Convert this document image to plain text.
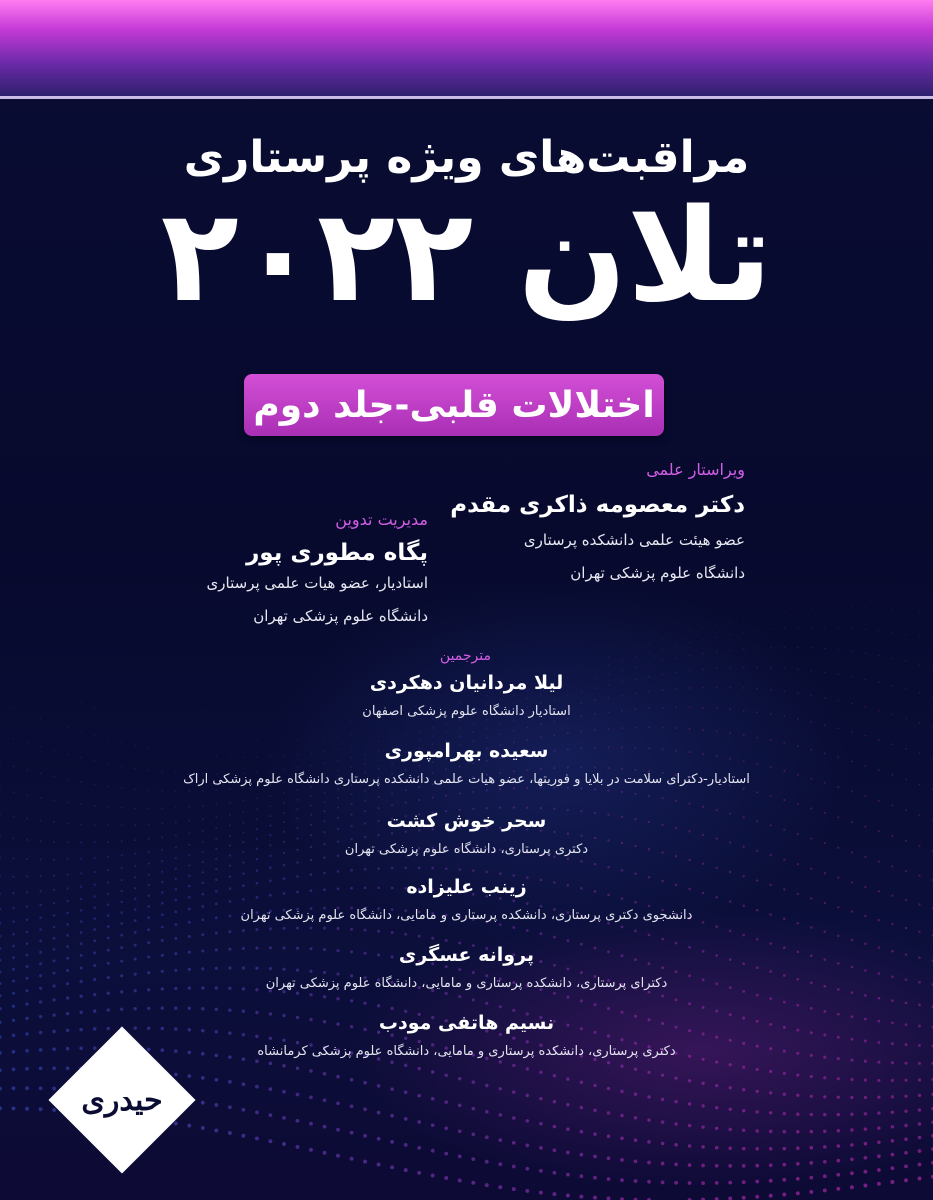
مراقبت‌های ویژه پرستاری
تلان ۲۰۲۲
اختلالات قلبی-جلد دوم
ویراستار علمی
دکتر معصومه ذاکری مقدم
عضو هیئت علمی دانشکده پرستاری
دانشگاه علوم پزشکی تهران
مدیریت تدوین
پگاه مطوری پور
استادیار، عضو هیات علمی پرستاری
دانشگاه علوم پزشکی تهران
مترجمین
لیلا مردانیان دهکردی
استادیار دانشگاه علوم پزشکی اصفهان
سعیده بهرامپوری
استادیار-دکترای سلامت در بلایا و فوریتها، عضو هیات علمی دانشکده پرستاری دانشگاه علوم پزشکی اراک
سحر خوش کشت
دکتری پرستاری، دانشگاه علوم پزشکی تهران
زینب علیزاده
دانشجوی دکتری پرستاری، دانشکده پرستاری و مامایی، دانشگاه علوم پزشکی تهران
پروانه عسگری
دکترای پرستاری، دانشکده پرستاری و مامایی، دانشگاه علوم پزشکی تهران
نسیم هاتفی مودب
دکتری پرستاری، دانشکده پرستاری و مامایی، دانشگاه علوم پزشکی کرمانشاه
حیدری
